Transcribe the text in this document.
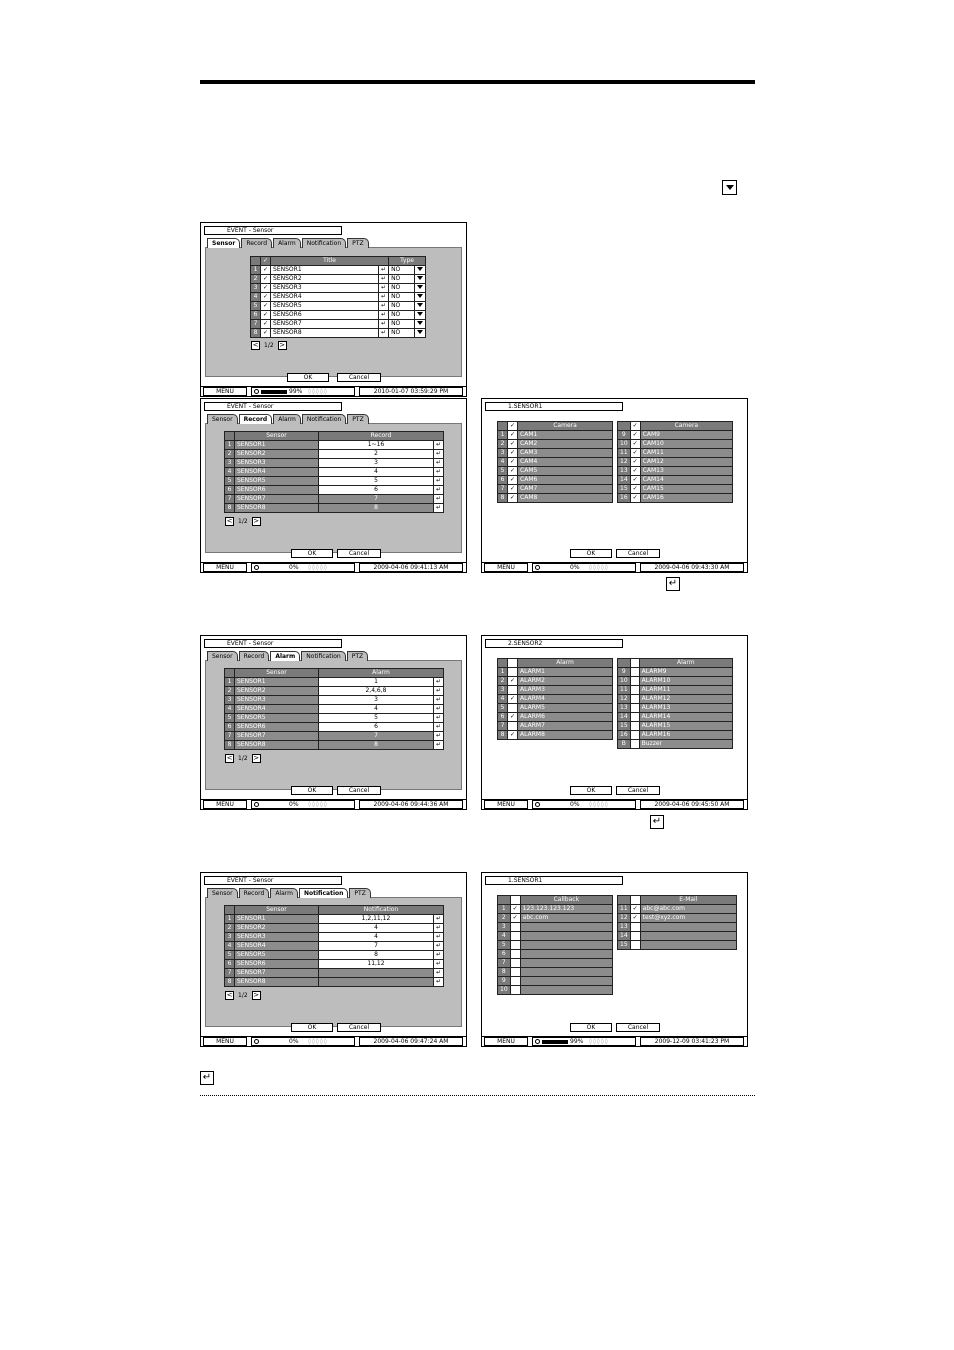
EVENT - Sensor
Sensor	Record	Alarm	Notification	PTZ
	✓	Title		Type	
1	✓	SENSOR1	↵	NO	
2	✓	SENSOR2	↵	NO	
3	✓	SENSOR3	↵	NO	
4	✓	SENSOR4	↵	NO	
5	✓	SENSOR5	↵	NO	
6	✓	SENSOR6	↵	NO	
7	✓	SENSOR7	↵	NO	
8	✓	SENSOR8	↵	NO	
< 1/2 >
OK	Cancel
MENU	99% ◊◊◊◊◊	2010-01-07 03:59:29 PM
EVENT - Sensor
Sensor	Record	Alarm	Notification	PTZ
	Sensor	Record	
1	SENSOR1	1~16	↵
2	SENSOR2	2	↵
3	SENSOR3	3	↵
4	SENSOR4	4	↵
5	SENSOR5	5	↵
6	SENSOR6	6	↵
7	SENSOR7	7	↵
8	SENSOR8	8	↵
< 1/2 >
OK	Cancel
MENU	0% ◊◊◊◊◊	2009-04-06 09:41:13 AM
EVENT - Sensor
Sensor	Record	Alarm	Notification	PTZ
	Sensor	Alarm	
1	SENSOR1	1	↵
2	SENSOR2	2,4,6,8	↵
3	SENSOR3	3	↵
4	SENSOR4	4	↵
5	SENSOR5	5	↵
6	SENSOR6	6	↵
7	SENSOR7	7	↵
8	SENSOR8	8	↵
< 1/2 >
OK	Cancel
MENU	0% ◊◊◊◊◊	2009-04-06 09:44:36 AM
EVENT - Sensor
Sensor	Record	Alarm	Notification	PTZ
	Sensor	Notification	
1	SENSOR1	1,2,11,12	↵
2	SENSOR2	4	↵
3	SENSOR3	4	↵
4	SENSOR4	7	↵
5	SENSOR5	8	↵
6	SENSOR6	11,12	↵
7	SENSOR7		↵
8	SENSOR8		↵
< 1/2 >
OK	Cancel
MENU	0% ◊◊◊◊◊	2009-04-06 09:47:24 AM
1.SENSOR1
	✓	Camera
1	✓	CAM1
2	✓	CAM2
3	✓	CAM3
4	✓	CAM4
5	✓	CAM5
6	✓	CAM6
7	✓	CAM7
8	✓	CAM8
	✓	Camera
9	✓	CAM9
10	✓	CAM10
11	✓	CAM11
12	✓	CAM12
13	✓	CAM13
14	✓	CAM14
15	✓	CAM15
16	✓	CAM16
OK	Cancel
MENU	0% ◊◊◊◊◊	2009-04-06 09:43:30 AM
2.SENSOR2
		Alarm
1		ALARM1
2	✓	ALARM2
3		ALARM3
4	✓	ALARM4
5		ALARM5
6	✓	ALARM6
7		ALARM7
8	✓	ALARM8
		Alarm
9		ALARM9
10		ALARM10
11		ALARM11
12		ALARM12
13		ALARM13
14		ALARM14
15		ALARM15
16		ALARM16
B		Buzzer
OK	Cancel
MENU	0% ◊◊◊◊◊	2009-04-06 09:45:50 AM
1.SENSOR1
		Callback
1	✓	123.123.123.123
2	✓	abc.com
3		
4		
5		
6		
7		
8		
9		
10		
		E-Mail
11	✓	abc@abc.com
12	✓	test@xyz.com
13		
14		
15		
OK	Cancel
MENU	99% ◊◊◊◊◊	2009-12-09 03:41:23 PM
↵
↵
↵
